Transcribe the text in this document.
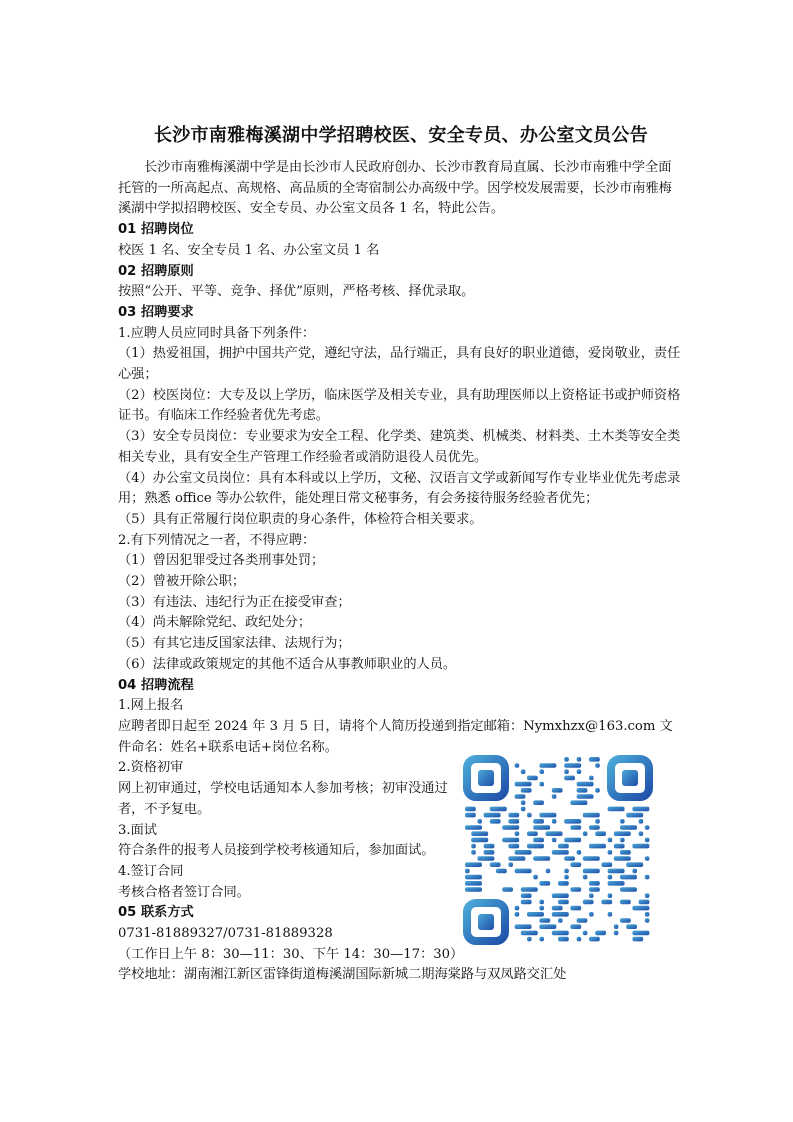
长沙市南雅梅溪湖中学招聘校医、安全专员、办公室文员公告

长沙市南雅梅溪湖中学是由长沙市人民政府创办、长沙市教育局直属、长沙市南雅中学全面托管的一所高起点、高规格、高品质的全寄宿制公办高级中学。因学校发展需要，长沙市南雅梅溪湖中学拟招聘校医、安全专员、办公室文员各 1 名，特此公告。

01 招聘岗位

校医 1 名、安全专员 1 名、办公室文员 1 名

02 招聘原则

按照“公开、平等、竞争、择优”原则，严格考核、择优录取。

03 招聘要求

1.应聘人员应同时具备下列条件：

（1）热爱祖国，拥护中国共产党，遵纪守法，品行端正，具有良好的职业道德，爱岗敬业，责任心强；

（2）校医岗位：大专及以上学历，临床医学及相关专业，具有助理医师以上资格证书或护师资格证书。有临床工作经验者优先考虑。

（3）安全专员岗位：专业要求为安全工程、化学类、建筑类、机械类、材料类、土木类等安全类相关专业，具有安全生产管理工作经验者或消防退役人员优先。

（4）办公室文员岗位：具有本科或以上学历，文秘、汉语言文学或新闻写作专业毕业优先考虑录用；熟悉 office 等办公软件，能处理日常文秘事务，有会务接待服务经验者优先；

（5）具有正常履行岗位职责的身心条件，体检符合相关要求。

2.有下列情况之一者，不得应聘：

（1）曾因犯罪受过各类刑事处罚；

（2）曾被开除公职；

（3）有违法、违纪行为正在接受审查；

（4）尚未解除党纪、政纪处分；

（5）有其它违反国家法律、法规行为；

（6）法律或政策规定的其他不适合从事教师职业的人员。

04 招聘流程

1.网上报名

应聘者即日起至 2024 年 3 月 5 日，请将个人简历投递到指定邮箱：Nymxhzx@163.com 文件命名：姓名+联系电话+岗位名称。

2.资格初审

网上初审通过，学校电话通知本人参加考核；初审没通过者，不予复电。

3.面试

符合条件的报考人员接到学校考核通知后，参加面试。

4.签订合同

考核合格者签订合同。

05 联系方式

0731-81889327/0731-81889328

（工作日上午 8：30—11：30、下午 14：30—17：30）

学校地址：湖南湘江新区雷锋街道梅溪湖国际新城二期海棠路与双凤路交汇处
